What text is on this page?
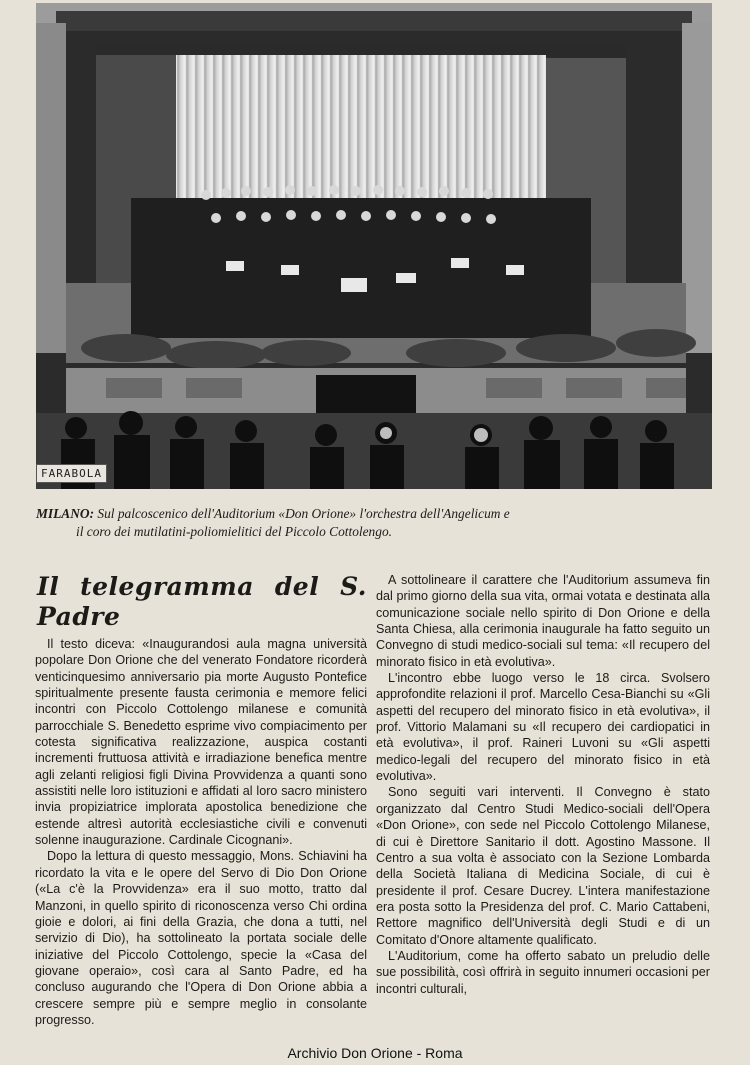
FARABOLA
MILANO: Sul palcoscenico dell'Auditorium «Don Orione» l'orchestra dell'Angelicum e
il coro dei mutilatini-poliomielitici del Piccolo Cottolengo.
Il telegramma del S. Padre

Il testo diceva: «Inaugurandosi aula magna università popolare Don Orione che del venerato Fondatore ricorderà venticinquesimo anniversario pia morte Augusto Pontefice spiritualmente presente fausta cerimonia e memore felici incontri con Piccolo Cottolengo milanese e comunità parrocchiale S. Benedetto esprime vivo compiacimento per cotesta significativa realizzazione, auspica costanti incrementi fruttuosa attività e irradiazione benefica mentre agli zelanti religiosi figli Divina Provvidenza a quanti sono assistiti nelle loro istituzioni e affidati al loro sacro ministero invia propiziatrice implorata apostolica benedizione che estende altresì autorità ecclesiastiche civili e convenuti solenne inaugurazione. Cardinale Cicognani».

Dopo la lettura di questo messaggio, Mons. Schiavini ha ricordato la vita e le opere del Servo di Dio Don Orione («La c'è la Provvidenza» era il suo motto, tratto dal Manzoni, in quello spirito di riconoscenza verso Chi ordina gioie e dolori, ai fini della Grazia, che dona a tutti, nel servizio di Dio), ha sottolineato la portata sociale delle iniziative del Piccolo Cottolengo, specie la «Casa del giovane operaio», così cara al Santo Padre, ed ha concluso augurando che l'Opera di Don Orione abbia a crescere sempre più e sempre meglio in consolante progresso.

A sottolineare il carattere che l'Auditorium assumeva fin dal primo giorno della sua vita, ormai votata e destinata alla comunicazione sociale nello spirito di Don Orione e della Santa Chiesa, alla cerimonia inaugurale ha fatto seguito un Convegno di studi medico-sociali sul tema: «Il recupero del minorato fisico in età evolutiva».

L'incontro ebbe luogo verso le 18 circa. Svolsero approfondite relazioni il prof. Marcello Cesa-Bianchi su «Gli aspetti del recupero del minorato fisico in età evolutiva», il prof. Vittorio Malamani su «Il recupero dei cardiopatici in età evolutiva», il prof. Raineri Luvoni su «Gli aspetti medico-legali del recupero del minorato fisico in età evolutiva».

Sono seguiti vari interventi. Il Convegno è stato organizzato dal Centro Studi Medico-sociali dell'Opera «Don Orione», con sede nel Piccolo Cottolengo Milanese, di cui è Direttore Sanitario il dott. Agostino Massone. Il Centro a sua volta è associato con la Sezione Lombarda della Società Italiana di Medicina Sociale, di cui è presidente il prof. Cesare Ducrey. L'intera manifestazione era posta sotto la Presidenza del prof. C. Mario Cattabeni, Rettore magnifico dell'Università degli Studi e di un Comitato d'Onore altamente qualificato.

L'Auditorium, come ha offerto sabato un preludio delle sue possibilità, così offrirà in seguito innumeri occasioni per incontri culturali,

Archivio Don Orione - Roma
